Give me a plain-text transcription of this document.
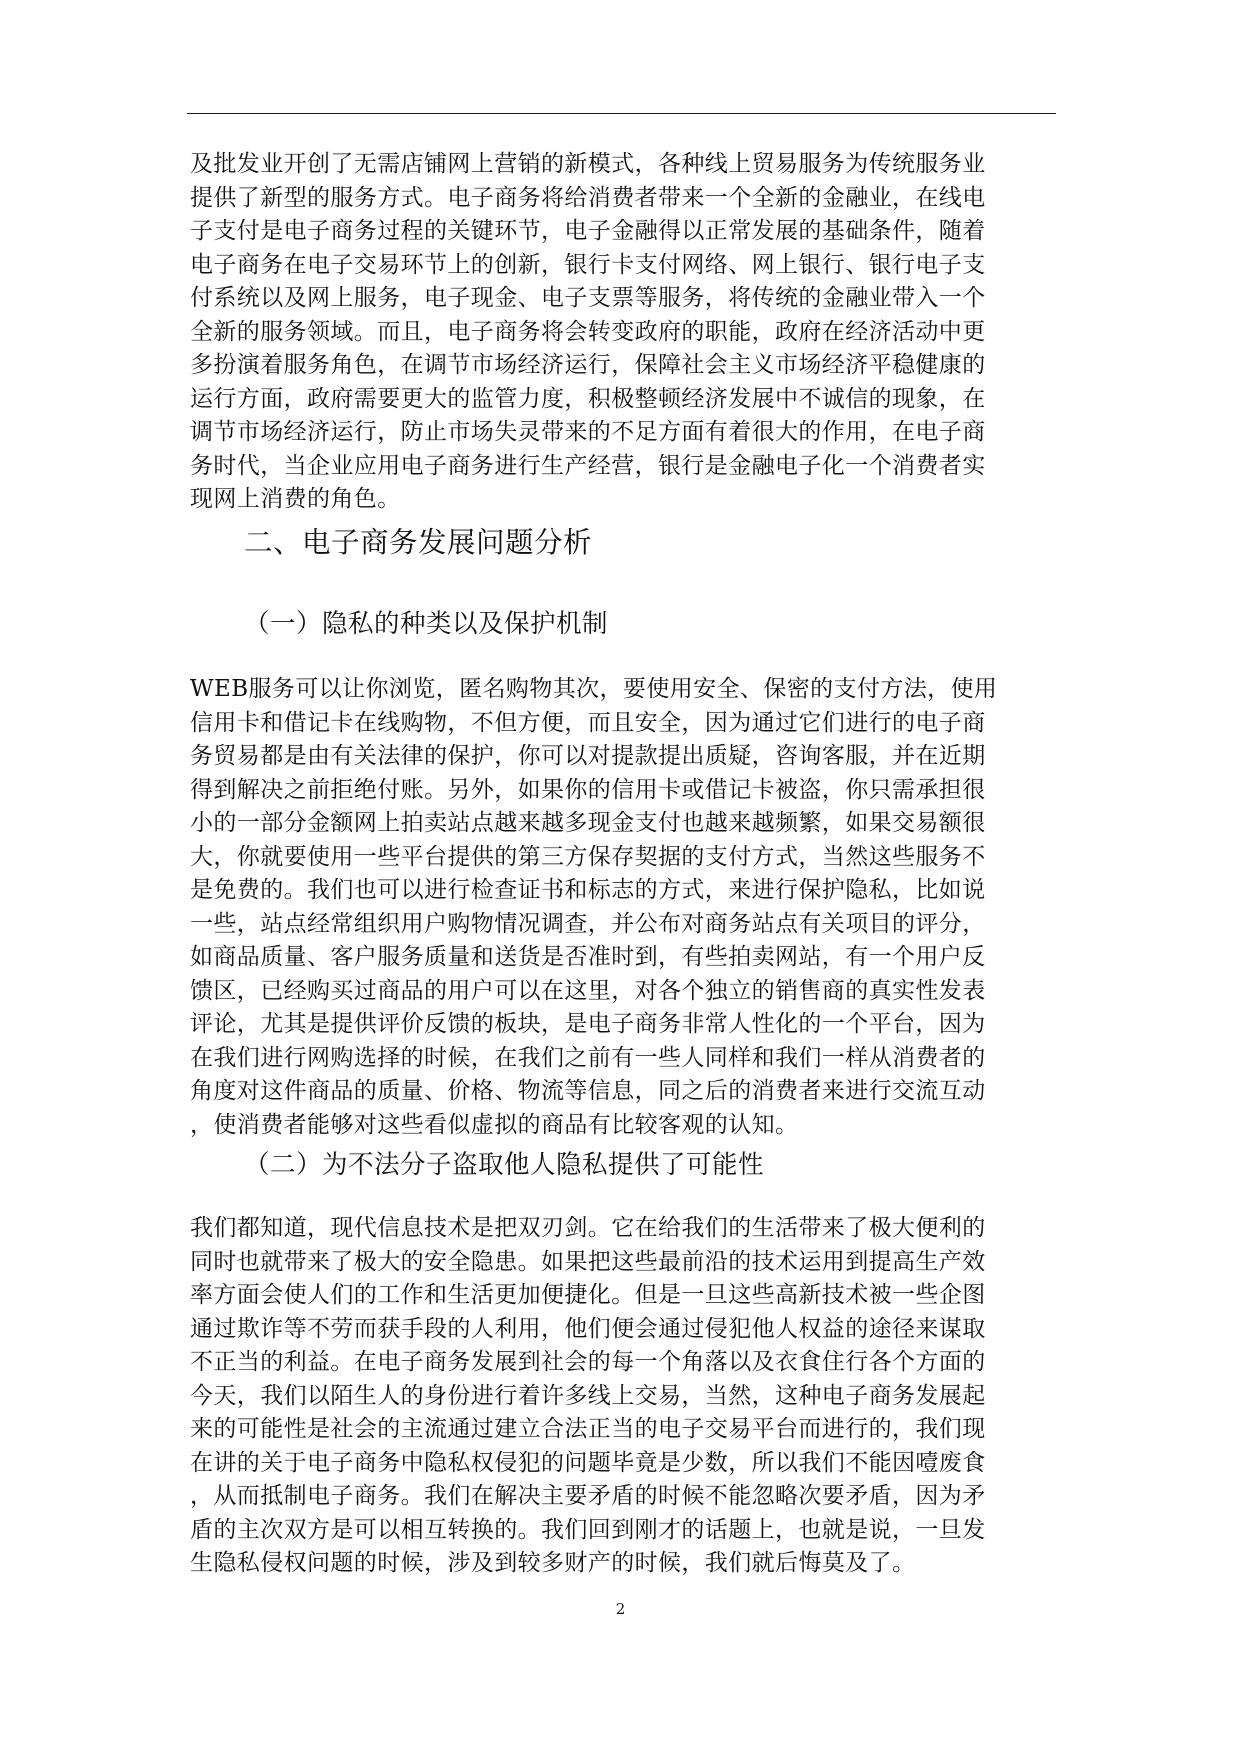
及批发业开创了无需店铺网上营销的新模式，各种线上贸易服务为传统服务业
提供了新型的服务方式。电子商务将给消费者带来一个全新的金融业，在线电
子支付是电子商务过程的关键环节，电子金融得以正常发展的基础条件，随着
电子商务在电子交易环节上的创新，银行卡支付网络、网上银行、银行电子支
付系统以及网上服务，电子现金、电子支票等服务，将传统的金融业带入一个
全新的服务领域。而且，电子商务将会转变政府的职能，政府在经济活动中更
多扮演着服务角色，在调节市场经济运行，保障社会主义市场经济平稳健康的
运行方面，政府需要更大的监管力度，积极整顿经济发展中不诚信的现象，在
调节市场经济运行，防止市场失灵带来的不足方面有着很大的作用，在电子商
务时代，当企业应用电子商务进行生产经营，银行是金融电子化一个消费者实
现网上消费的角色。
二、电子商务发展问题分析
（一）隐私的种类以及保护机制
WEB服务可以让你浏览，匿名购物其次，要使用安全、保密的支付方法，使用
信用卡和借记卡在线购物，不但方便，而且安全，因为通过它们进行的电子商
务贸易都是由有关法律的保护，你可以对提款提出质疑，咨询客服，并在近期
得到解决之前拒绝付账。另外，如果你的信用卡或借记卡被盗，你只需承担很
小的一部分金额网上拍卖站点越来越多现金支付也越来越频繁，如果交易额很
大，你就要使用一些平台提供的第三方保存契据的支付方式，当然这些服务不
是免费的。我们也可以进行检查证书和标志的方式，来进行保护隐私，比如说
一些，站点经常组织用户购物情况调查，并公布对商务站点有关项目的评分，
如商品质量、客户服务质量和送货是否准时到，有些拍卖网站，有一个用户反
馈区，已经购买过商品的用户可以在这里，对各个独立的销售商的真实性发表
评论，尤其是提供评价反馈的板块，是电子商务非常人性化的一个平台，因为
在我们进行网购选择的时候，在我们之前有一些人同样和我们一样从消费者的
角度对这件商品的质量、价格、物流等信息，同之后的消费者来进行交流互动
，使消费者能够对这些看似虚拟的商品有比较客观的认知。
（二）为不法分子盗取他人隐私提供了可能性
我们都知道，现代信息技术是把双刃剑。它在给我们的生活带来了极大便利的
同时也就带来了极大的安全隐患。如果把这些最前沿的技术运用到提高生产效
率方面会使人们的工作和生活更加便捷化。但是一旦这些高新技术被一些企图
通过欺诈等不劳而获手段的人利用，他们便会通过侵犯他人权益的途径来谋取
不正当的利益。在电子商务发展到社会的每一个角落以及衣食住行各个方面的
今天，我们以陌生人的身份进行着许多线上交易，当然，这种电子商务发展起
来的可能性是社会的主流通过建立合法正当的电子交易平台而进行的，我们现
在讲的关于电子商务中隐私权侵犯的问题毕竟是少数，所以我们不能因噎废食
，从而抵制电子商务。我们在解决主要矛盾的时候不能忽略次要矛盾，因为矛
盾的主次双方是可以相互转换的。我们回到刚才的话题上，也就是说，一旦发
生隐私侵权问题的时候，涉及到较多财产的时候，我们就后悔莫及了。
2
